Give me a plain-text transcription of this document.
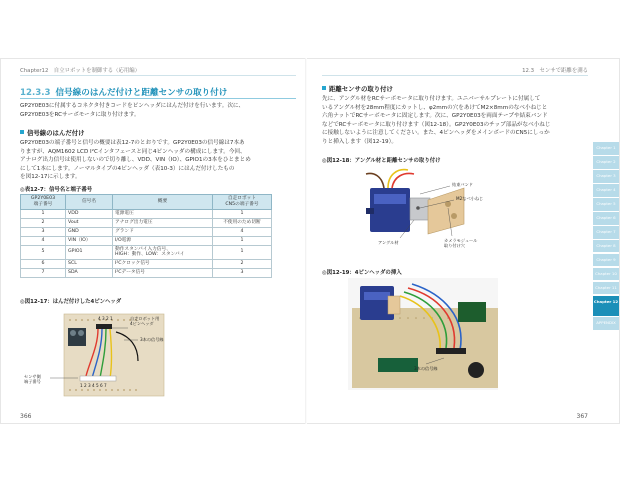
Chapter12　自立ロボットを制御する（応用編）
12.3.3 信号線のはんだ付けと距離センサの取り付け
GP2Y0E03に付属するコネクタ付きコードをピンヘッダにはんだ付けを行います。次に、
GP2Y0E03をRCサーボモータに取り付けます。
信号線のはんだ付け
GP2Y0E03の端子番号と信号の概要は表12-7のとおりです。GP2Y0E03の信号線は7本あ
りますが、AQM1602 LCD I²Cインタフェースと同じ4ピンヘッダの構成にします。今回、
アナログ出力信号は使用しないので切り離し、VDD、VIN（IO）、GPIO1の3本をひとまとめ
にして1本にします。ノーマルタイプの4ピンヘッダ（表10-3）にはんだ付けしたもの
を図12-17に示します。
◎表12-7：信号名と端子番号
GP2Y0E03
端子番号	信号名	概要	自走ロボット
CN5の端子番号
1	VDD	電源電圧	1
2	Vout	アナログ出力電圧	不使用のため切断
3	GND	グランド	4
4	VIN（IO）	I/O電源	1
5	GPIO1	動作スタンバイ入力信号、
HIGH：動作、LOW：スタンバイ	1
6	SCL	I²Cクロック信号	2
7	SDA	I²Cデータ信号	3
◎図12-17：はんだ付けした4ピンヘッダ
4 3 2 1	自走ロボット用 4ピンヘッダ
3本の信号線
センサ側端子番号
1 2 3 4 5 6 7
366
12.3　センサで距離を測る
距離センサの取り付け
先に、アングル材をRCサーボモータに取り付けます。ユニバーサルプレートに付属して
いるアングル材を28mm程度にカットし、φ2mmの穴をあけてM2×8mmのなべ小ねじと
六角ナットでRCサーボモータに固定します。次に、GP2Y0E03を両面テープや結束バンド
などでRCサーボモータに取り付けます（図12-18）。GP2Y0E03のチップ部品がなべ小ねじ
に接触しないように注意してください。また、4ピンヘッダをメインボードのCN5にしっか
りと挿入します（図12-19）。
◎図12-18：アングル材と距離センサの取り付け
結束バンド
M2なべ小ねじ
アングル材	カメラモジュール取り付け穴
◎図12-19：4ピンヘッダの挿入
3本の信号線
367
Chapter 1
Chapter 2
Chapter 3
Chapter 4
Chapter 5
Chapter 6
Chapter 7
Chapter 8
Chapter 9
Chapter 10
Chapter 11
Chapter 12
APPENDIX
